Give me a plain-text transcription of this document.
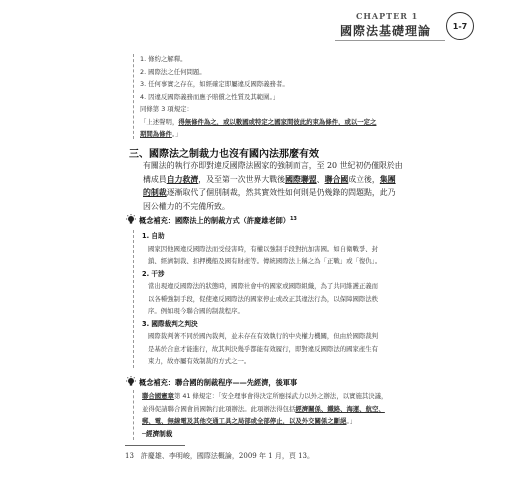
CHAPTER 1
國際法基礎理論	1-7
1. 條約之解釋。
2. 國際法之任何問題。
3. 任何事實之存在，如經確定即屬違反國際義務者。
4. 因違反國際義務而應予賠償之性質及其範圍。」
同條第 3 項規定：
「上述聲明，得無條件為之，或以數國或特定之國家間彼此約束為條件，或以一定之
期間為條件。」
三、國際法之制裁力也沒有國內法那麼有效
有關法的執行亦即對違反國際法國家的強制而言，至 20 世紀初仍僅限於由
構成員自力救濟，及至第一次世界大戰後國際聯盟、聯合國成立後，集團
的制裁逐漸取代了個別制裁，然其實效性如何則是仍幾錄的問題點，此乃
因公權力的不完備所致。
概念補充：國際法上的制裁方式（許慶雄老師）$^{13}$
1. 自助
國家因他國違反國際法而受侵害時，有權以強制手段對抗加害國。如自衛戰爭、封
鎖、經濟制裁、扣押機船及國有財產等。傳統國際法上稱之為「正戰」或「復仇」。
2. 干涉
當出現違反國際法的狀態時，國際社會中的國家或國際組織，為了共同維護正義而
以各種強制手段，促使違反國際法的國家停止或改正其違法行為，以保障國際法秩
序。例如現今聯合國的制裁程序。
3. 國際裁判之判決
國際裁判著不同於國內裁判，並未存在有效執行的中央權力機關，但由於國際裁判
是基於合意才能進行，故其判決幾乎都能有效履行，即對違反國際法的國家產生有
束力，故亦屬有效制裁的方式之一。
概念補充：聯合國的制裁程序——先經濟，後軍事
聯合國憲章第 41 條規定：「安全理事會得決定所應採武力以外之辦法，以實施其決議，
並得促請聯合國會員國執行此項辦法。此項辦法得包括經濟關係、鐵路、海運、航空、
郵、電、無線電及其他交通工具之局部或全部停止，以及外交關係之斷絕。」
─經濟制裁
13　許慶雄、李明峻，國際法概論，2009 年 1 月，頁 13。
